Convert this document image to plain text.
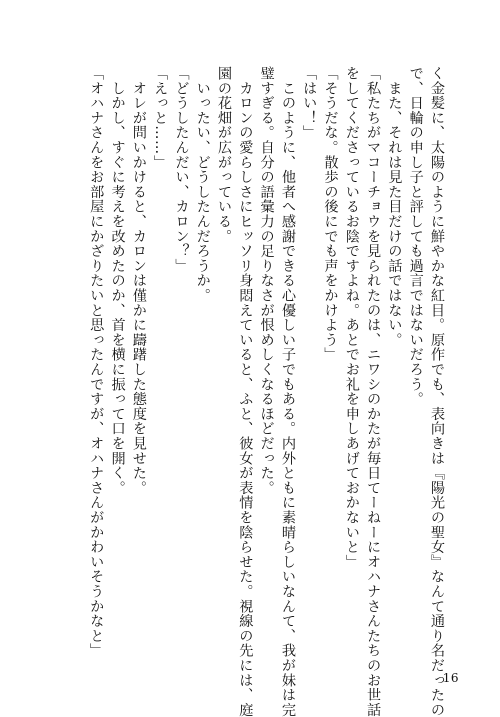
く金髪に、太陽のように鮮やかな紅目。原作でも、表向きは『陽光の聖女』なんて通り名だったの
で、日輪の申し子と評しても過言ではないだろう。
　また、それは見た目だけの話ではない。
「私たちがマコーチョウを見られたのは、ニワシのかたが毎日てーねーにオハナさんたちのお世話
をしてくださっているお陰ですよね。あとでお礼を申しあげておかないと」
「そうだな。散歩の後にでも声をかけよう」
「はい！」
　このように、他者へ感謝できる心優しい子でもある。内外ともに素晴らしいなんて、我が妹は完
璧すぎる。自分の語彙力の足りなさが恨めしくなるほどだった。
　カロンの愛らしさにヒッソリ身悶えていると、ふと、彼女が表情を陰らせた。視線の先には、庭
園の花畑が広がっている。
　いったい、どうしたんだろうか。
「どうしたんだい、カロン？」
「えっと……」
　オレが問いかけると、カロンは僅かに躊躇した態度を見せた。
　しかし、すぐに考えを改めたのか、首を横に振って口を開く。
「オハナさんをお部屋にかざりたいと思ったんですが、オハナさんがかわいそうかなと」
16
